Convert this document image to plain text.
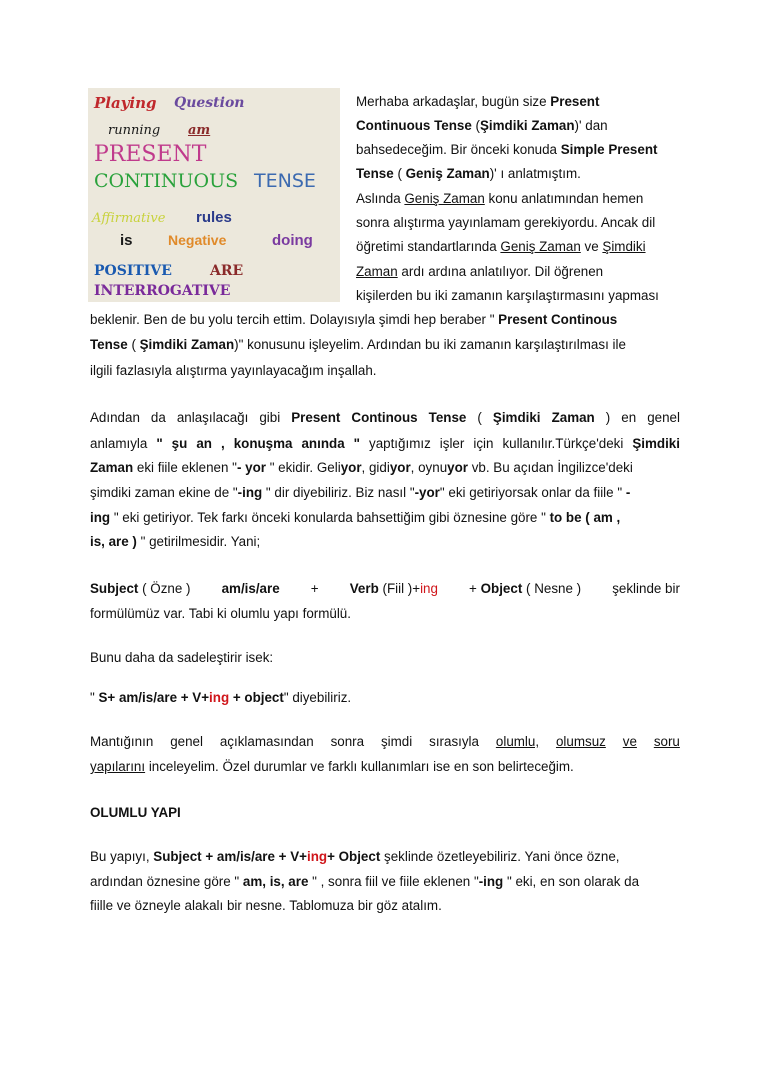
Playing Question
running am
PRESENT
CONTINUOUS TENSE
Affirmative rules
is	Negative	doing
POSITIVE	ARE
INTERROGATIVE
Merhaba arkadaşlar, bugün size Present
Continuous Tense (Şimdiki Zaman)' dan
bahsedeceğim. Bir önceki konuda Simple Present
Tense ( Geniş Zaman)' ı anlatmıştım.
Aslında Geniş Zaman konu anlatımından hemen
sonra alıştırma yayınlamam gerekiyordu. Ancak dil
öğretimi standartlarında Geniş Zaman ve Şimdiki
Zaman ardı ardına anlatılıyor. Dil öğrenen
kişilerden bu iki zamanın karşılaştırmasını yapması
beklenir. Ben de bu yolu tercih ettim. Dolayısıyla şimdi hep beraber " Present Continous
Tense ( Şimdiki Zaman)" konusunu işleyelim. Ardından bu iki zamanın karşılaştırılması ile
ilgili fazlasıyla alıştırma yayınlayacağım inşallah.
Adından da anlaşılacağı gibi Present Continous Tense ( Şimdiki Zaman ) en genel
anlamıyla " şu an , konuşma anında " yaptığımız işler için kullanılır.Türkçe'deki Şimdiki
Zaman eki fiile eklenen "- yor " ekidir. Geliyor, gidiyor, oynuyor vb. Bu açıdan İngilizce'deki
şimdiki zaman ekine de "-ing " dir diyebiliriz. Biz nasıl "-yor" eki getiriyorsak onlar da fiile " -
ing " eki getiriyor. Tek farkı önceki konularda bahsettiğim gibi öznesine göre " to be ( am ,
is, are ) " getirilmesidir. Yani;
Subject ( Özne ) am/is/are + Verb (Fiil )+ing + Object ( Nesne ) şeklinde bir
formülümüz var. Tabi ki olumlu yapı formülü.
Bunu daha da sadeleştirir isek:
" S+ am/is/are + V+ing + object" diyebiliriz.
Mantığının genel açıklamasından sonra şimdi sırasıyla olumlu, olumsuz ve soru
yapılarını inceleyelim. Özel durumlar ve farklı kullanımları ise en son belirteceğim.
OLUMLU YAPI
Bu yapıyı, Subject + am/is/are + V+ing+ Object şeklinde özetleyebiliriz. Yani önce özne,
ardından öznesine göre " am, is, are " , sonra fiil ve fiile eklenen "-ing " eki, en son olarak da
fiille ve özneyle alakalı bir nesne. Tablomuza bir göz atalım.
